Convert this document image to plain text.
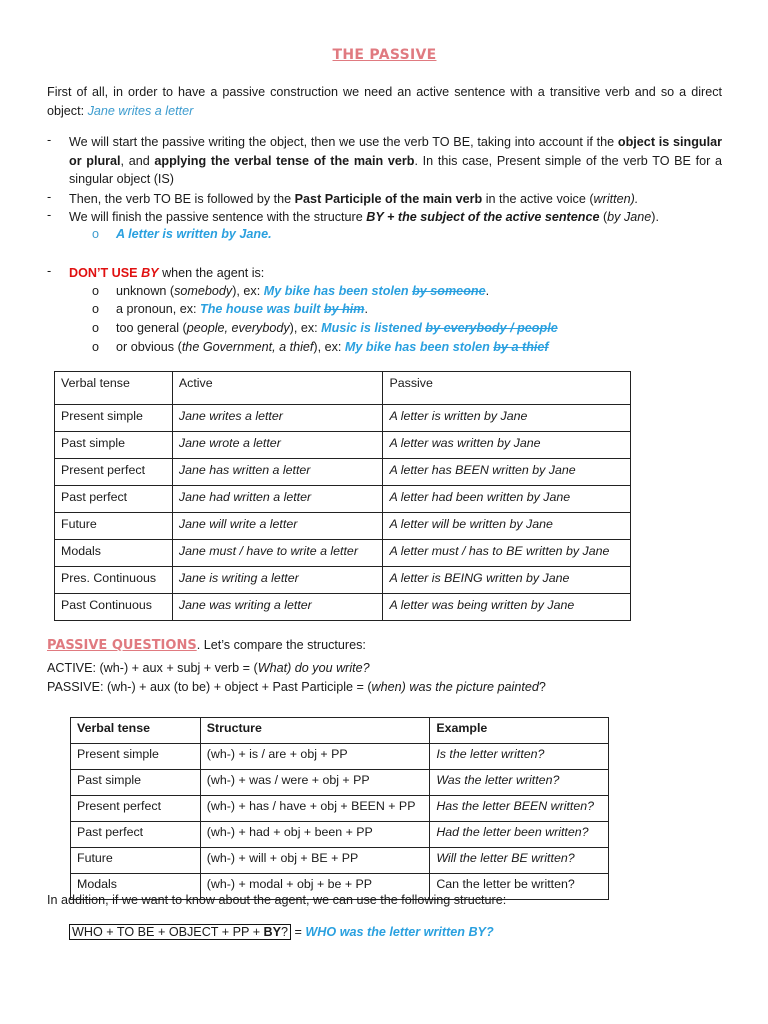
THE PASSIVE
First of all, in order to have a passive construction we need an active sentence with a transitive verb and so a direct object: Jane writes a letter
- We will start the passive writing the object, then we use the verb TO BE, taking into account if the object is singular or plural, and applying the verbal tense of the main verb. In this case, Present simple of the verb TO BE for a singular object (IS)
- Then, the verb TO BE is followed by the Past Participle of the main verb in the active voice (written).
- We will finish the passive sentence with the structure BY + the subject of the active sentence (by Jane).
o A letter is written by Jane.
- DON’T USE BY when the agent is:
o unknown (somebody), ex: My bike has been stolen by someone.
o a pronoun, ex: The house was built by him.
o too general (people, everybody), ex: Music is listened by everybody / people
o or obvious (the Government, a thief), ex: My bike has been stolen by a thief
Verbal tense	Active	Passive
Present simple	Jane writes a letter	A letter is written by Jane
Past simple	Jane wrote a letter	A letter was written by Jane
Present perfect	Jane has written a letter	A letter has BEEN written by Jane
Past perfect	Jane had written a letter	A letter had been written by Jane
Future	Jane will write a letter	A letter will be written by Jane
Modals	Jane must / have to write a letter	A letter must / has to BE written by Jane
Pres. Continuous	Jane is writing a letter	A letter is BEING written by Jane
Past Continuous	Jane was writing a letter	A letter was being written by Jane
PASSIVE QUESTIONS. Let’s compare the structures:
ACTIVE: (wh-) + aux + subj + verb = (What) do you write?
PASSIVE: (wh-) + aux (to be) + object + Past Participle = (when) was the picture painted?
Verbal tense	Structure	Example
Present simple	(wh-) + is / are + obj + PP	Is the letter written?
Past simple	(wh-) + was / were + obj + PP	Was the letter written?
Present perfect	(wh-) + has / have + obj + BEEN + PP	Has the letter BEEN written?
Past perfect	(wh-) + had + obj + been + PP	Had the letter been written?
Future	(wh-) + will + obj + BE + PP	Will the letter BE written?
Modals	(wh-) + modal + obj + be + PP	Can the letter be written?
In addition, if we want to know about the agent, we can use the following structure:
WHO + TO BE + OBJECT + PP + BY? = WHO was the letter written BY?
